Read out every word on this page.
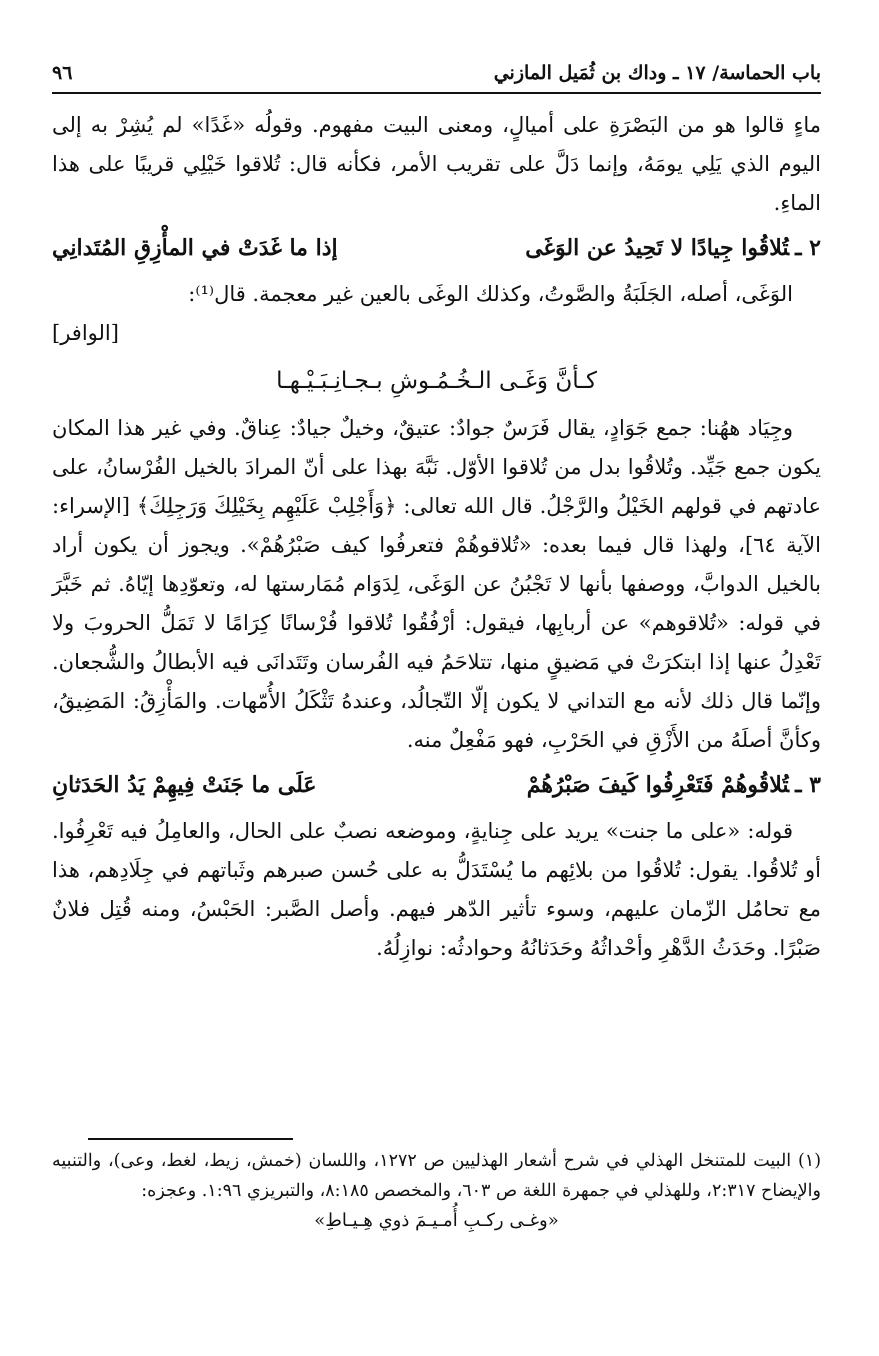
باب الحماسة/ ١٧ ـ وداك بن ثُمَيل المازني
٩٦

ماءٍ قالوا هو من البَصْرَةِ على أميالٍ، ومعنى البيت مفهوم. وقولُه «غَدًا» لم يُشِرْ به إلى اليوم الذي يَلِي يومَهُ، وإنما دَلَّ على تقريب الأمر، فكأنه قال: تُلاقوا خَيْلِي قريبًا على هذا الماءِ.

٢ ـتُلاقُوا جِيادًا لا تَحِيدُ عن الوَغَى
إذا ما غَدَتْ في المأْزِقِ المُتَدانِي

الوَغَى، أصله، الجَلَبَةُ والصَّوتُ، وكذلك الوغَى بالعين غير معجمة. قال⁽¹⁾:

[الوافر]

كـأنَّ وَغَـى الـخُـمُـوشِ بـجـانِـبَـيْـهـا

وجِيَاد ههُنا: جمع جَوَادٍ، يقال فَرَسٌ جوادٌ: عتيقٌ، وخيلٌ جيادٌ: عِناقٌ. وفي غير هذا المكان يكون جمع جَيِّد. وتُلاقُوا بدل من تُلاقوا الأوّل. نَبَّهَ بهذا على أنّ المرادَ بالخيل الفُرْسانُ، على عادتهم في قولهم الخَيْلُ والرَّجْلُ. قال الله تعالى: ﴿وَأَجْلِبْ عَلَيْهِم بِخَيْلِكَ وَرَجِلِكَ﴾ [الإسراء: الآية ٦٤]، ولهذا قال فيما بعده: «تُلاقوهُمْ فتعرفُوا كيف صَبْرُهُمْ». ويجوز أن يكون أراد بالخيل الدوابَّ، ووصفها بأنها لا تَجْبُنُ عن الوَغَى، لِدَوَام مُمَارستها له، وتعوّدِها إيّاهُ. ثم خَبَّرَ في قوله: «تُلاقوهم» عن أربابِها، فيقول: أرْفُقُوا تُلاقوا فُرْسانًا كِرَامًا لا تَمَلُّ الحروبَ ولا تَعْدِلُ عنها إذا ابتكرَتْ في مَضيقٍ منها، تتلاحَمُ فيه الفُرسان وتَتَدانَى فيه الأبطالُ والشُّجعان. وإنّما قال ذلك لأنه مع التداني لا يكون إلّا التّجالُد، وعندهُ تَثْكَلُ الأُمّهات. والمَأْزِقُ: المَضِيقُ، وكأنَّ أصلَهُ من الأَزْقِ في الحَرْبِ، فهو مَفْعِلٌ منه.

٣ ـتُلاقُوهُمْ فَتَعْرِفُوا كَيفَ صَبْرُهُمْ
عَلَى ما جَنَتْ فِيهِمْ يَدُ الحَدَثانِ

قوله: «على ما جنت» يريد على جِنايةٍ، وموضعه نصبٌ على الحال، والعامِلُ فيه تَعْرِفُوا. أو تُلاقُوا. يقول: تُلاقُوا من بلائِهم ما يُسْتَدَلُّ به على حُسن صبرهم وثَباتهم في جِلَادِهم، هذا مع تحامُل الزّمان عليهم، وسوء تأثير الدّهر فيهم. وأصل الصَّبر: الحَبْسُ، ومنه قُتِل فلانٌ صَبْرًا. وحَدَثُ الدَّهْرِ وأحْداثُهُ وحَدَثانُهُ وحوادثُه: نوازِلُهُ.

(١) البيت للمتنخل الهذلي في شرح أشعار الهذليين ص ١٢٧٢، واللسان (خمش، زيط، لغط، وعى)، والتنبيه والإيضاح ٢:٣١٧، وللهذلي في جمهرة اللغة ص ٦٠٣، والمخصص ٨:١٨٥، والتبريزي ١:٩٦. وعجزه:

«وغـى ركـبِ أُمـيـمَ ذوي هِـيـاطِ»
